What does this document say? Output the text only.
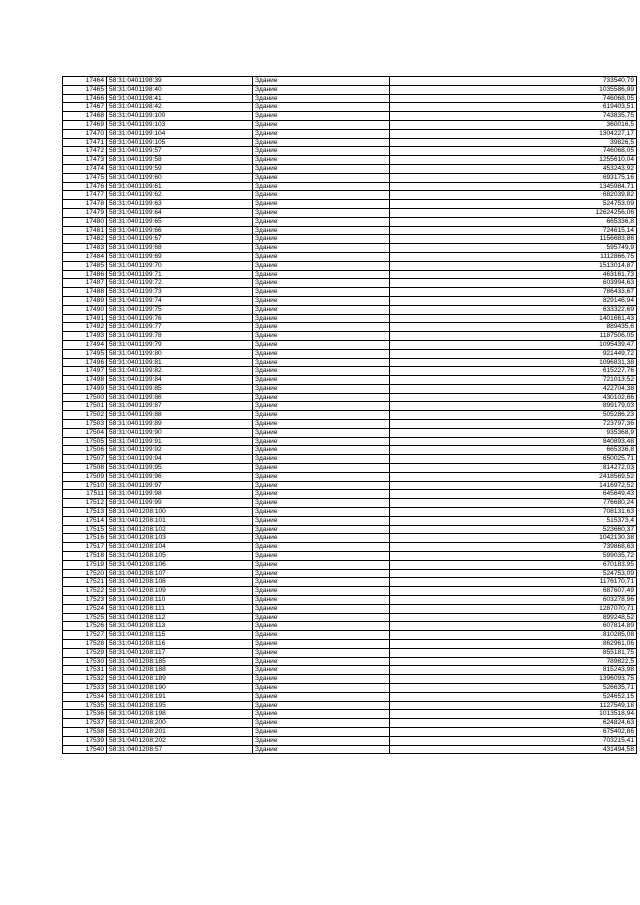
17464	58:31:0401198:39	Здание	733540,79
17465	58:31:0401198:40	Здание	1035586,99
17466	58:31:0401198:41	Здание	746068,05
17467	58:31:0401198:42	Здание	619403,51
17468	58:31:0401199:100	Здание	743835,75
17469	58:31:0401199:103	Здание	360016,5
17470	58:31:0401199:104	Здание	1304227,17
17471	58:31:0401199:105	Здание	39826,5
17472	58:31:0401199:57	Здание	746068,05
17473	58:31:0401199:58	Здание	1255610,04
17474	58:31:0401199:59	Здание	453243,92
17475	58:31:0401199:60	Здание	693175,16
17476	58:31:0401199:61	Здание	1345984,71
17477	58:31:0401199:62	Здание	682039,82
17478	58:31:0401199:63	Здание	524753,09
17479	58:31:0401199:64	Здание	12624256,06
17480	58:31:0401199:65	Здание	665336,8
17481	58:31:0401199:66	Здание	724615,14
17482	58:31:0401199:67	Здание	1156683,86
17483	58:31:0401199:68	Здание	595749,9
17484	58:31:0401199:69	Здание	1112866,75
17485	58:31:0401199:70	Здание	1513014,87
17486	58:31:0401199:71	Здание	463161,73
17487	58:31:0401199:72	Здание	603994,63
17488	58:31:0401199:73	Здание	786433,67
17489	58:31:0401199:74	Здание	829146,94
17490	58:31:0401199:75	Здание	633322,69
17491	58:31:0401199:76	Здание	1401661,43
17492	58:31:0401199:77	Здание	889435,6
17493	58:31:0401199:78	Здание	1187506,05
17494	58:31:0401199:79	Здание	1095439,47
17495	58:31:0401199:80	Здание	921449,72
17496	58:31:0401199:81	Здание	1096831,38
17497	58:31:0401199:82	Здание	615227,76
17498	58:31:0401199:84	Здание	721013,52
17499	58:31:0401199:85	Здание	422704,38
17500	58:31:0401199:86	Здание	430102,66
17501	58:31:0401199:87	Здание	899179,03
17502	58:31:0401199:88	Здание	505286,23
17503	58:31:0401199:89	Здание	723797,36
17504	58:31:0401199:90	Здание	935368,9
17505	58:31:0401199:91	Здание	840893,48
17506	58:31:0401199:92	Здание	665336,8
17507	58:31:0401199:94	Здание	650025,71
17508	58:31:0401199:95	Здание	814272,03
17509	58:31:0401199:96	Здание	2418569,52
17510	58:31:0401199:97	Здание	1416972,52
17511	58:31:0401199:98	Здание	645649,43
17512	58:31:0401199:99	Здание	776680,24
17513	58:31:0401208:100	Здание	708131,63
17514	58:31:0401208:101	Здание	515373,4
17515	58:31:0401208:102	Здание	523660,37
17516	58:31:0401208:103	Здание	1042130,38
17517	58:31:0401208:104	Здание	739868,63
17518	58:31:0401208:105	Здание	599035,72
17519	58:31:0401208:106	Здание	670183,95
17520	58:31:0401208:107	Здание	524753,09
17521	58:31:0401208:108	Здание	1176170,71
17522	58:31:0401208:109	Здание	687607,49
17523	58:31:0401208:110	Здание	603278,96
17524	58:31:0401208:111	Здание	1287070,71
17525	58:31:0401208:112	Здание	899248,52
17526	58:31:0401208:113	Здание	607814,89
17527	58:31:0401208:115	Здание	810285,08
17528	58:31:0401208:116	Здание	862961,06
17529	58:31:0401208:117	Здание	855181,75
17530	58:31:0401208:185	Здание	789822,5
17531	58:31:0401208:188	Здание	815243,98
17532	58:31:0401208:189	Здание	1396093,75
17533	58:31:0401208:190	Здание	526635,71
17534	58:31:0401208:191	Здание	524652,15
17535	58:31:0401208:195	Здание	1127549,18
17536	58:31:0401208:198	Здание	1013518,94
17537	58:31:0401208:200	Здание	624824,63
17538	58:31:0401208:201	Здание	675402,86
17539	58:31:0401208:202	Здание	703215,41
17540	58:31:0401208:57	Здание	431494,58
